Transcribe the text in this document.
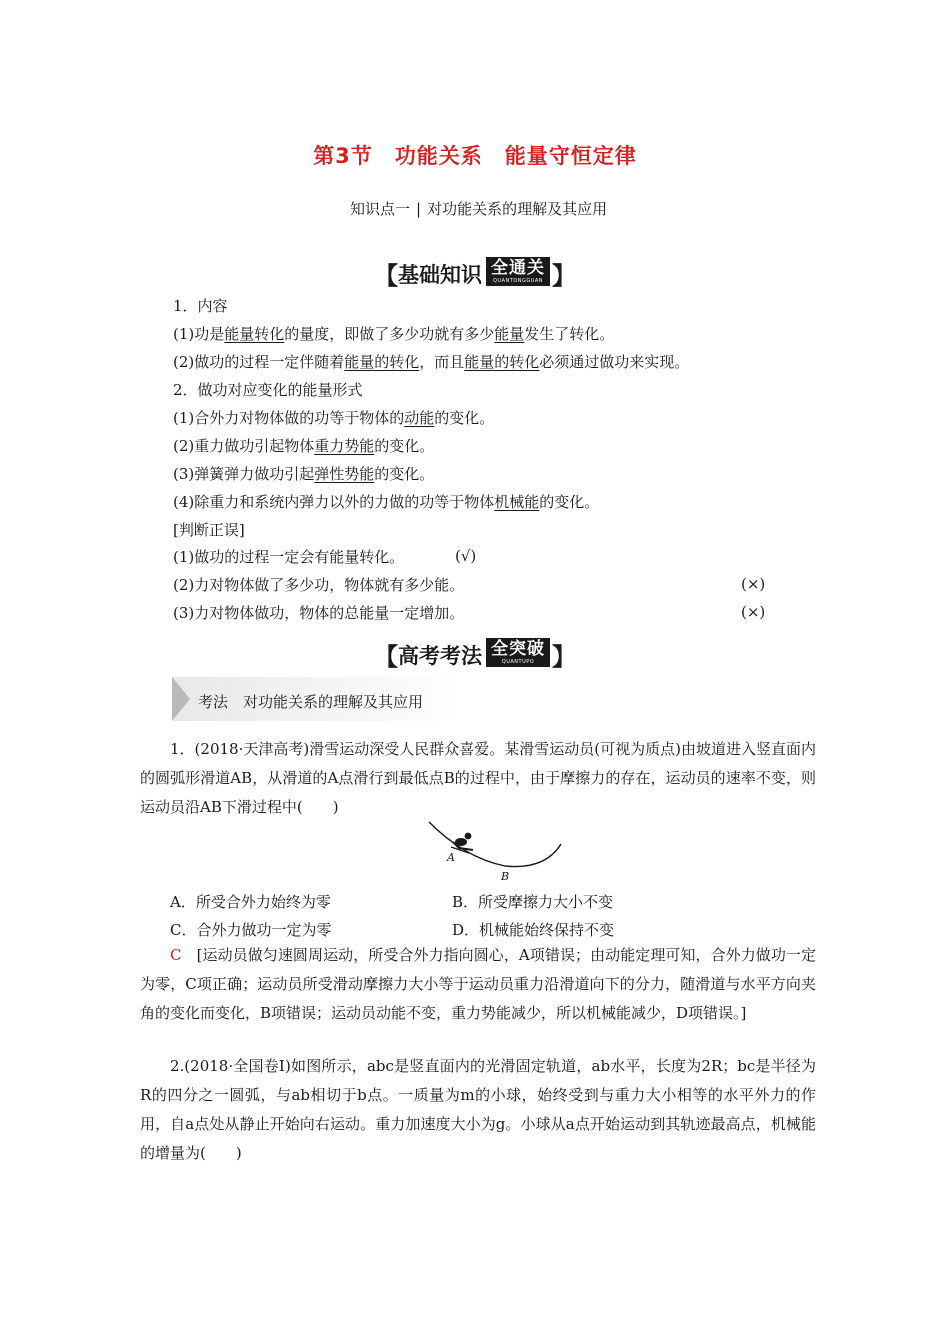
第3节　功能关系　能量守恒定律
知识点一 | 对功能关系的理解及其应用
【 基础知识 全通关
QUANTONGGUAN 】
1．内容
(1)功是能量转化的量度，即做了多少功就有多少能量发生了转化。
(2)做功的过程一定伴随着能量的转化，而且能量的转化必须通过做功来实现。
2．做功对应变化的能量形式
(1)合外力对物体做的功等于物体的动能的变化。
(2)重力做功引起物体重力势能的变化。
(3)弹簧弹力做功引起弹性势能的变化。
(4)除重力和系统内弹力以外的力做的功等于物体机械能的变化。
[判断正误]
(1)做功的过程一定会有能量转化。	(√)
(2)力对物体做了多少功，物体就有多少能。	(×)
(3)力对物体做功，物体的总能量一定增加。	(×)
【 高考考法 全突破
QUANTUPO 】
考法　对功能关系的理解及其应用
1．(2018·天津高考)滑雪运动深受人民群众喜爱。某滑雪运动员(可视为质点)由坡道进入竖直面内的圆弧形滑道AB，从滑道的A点滑行到最低点B的过程中，由于摩擦力的存在，运动员的速率不变，则运动员沿AB下滑过程中(　　)
A
B
A．所受合外力始终为零	B．所受摩擦力大小不变
C．合外力做功一定为零	D．机械能始终保持不变
C　 [运动员做匀速圆周运动，所受合外力指向圆心，A项错误；由动能定理可知，合外力做功一定为零，C项正确；运动员所受滑动摩擦力大小等于运动员重力沿滑道向下的分力，随滑道与水平方向夹角的变化而变化，B项错误；运动员动能不变，重力势能减少，所以机械能减少，D项错误。]
2.(2018·全国卷Ⅰ)如图所示，abc是竖直面内的光滑固定轨道，ab水平，长度为2R；bc是半径为R的四分之一圆弧，与ab相切于b点。一质量为m的小球，始终受到与重力大小相等的水平外力的作用，自a点处从静止开始向右运动。重力加速度大小为g。小球从a点开始运动到其轨迹最高点，机械能的增量为(　　)
